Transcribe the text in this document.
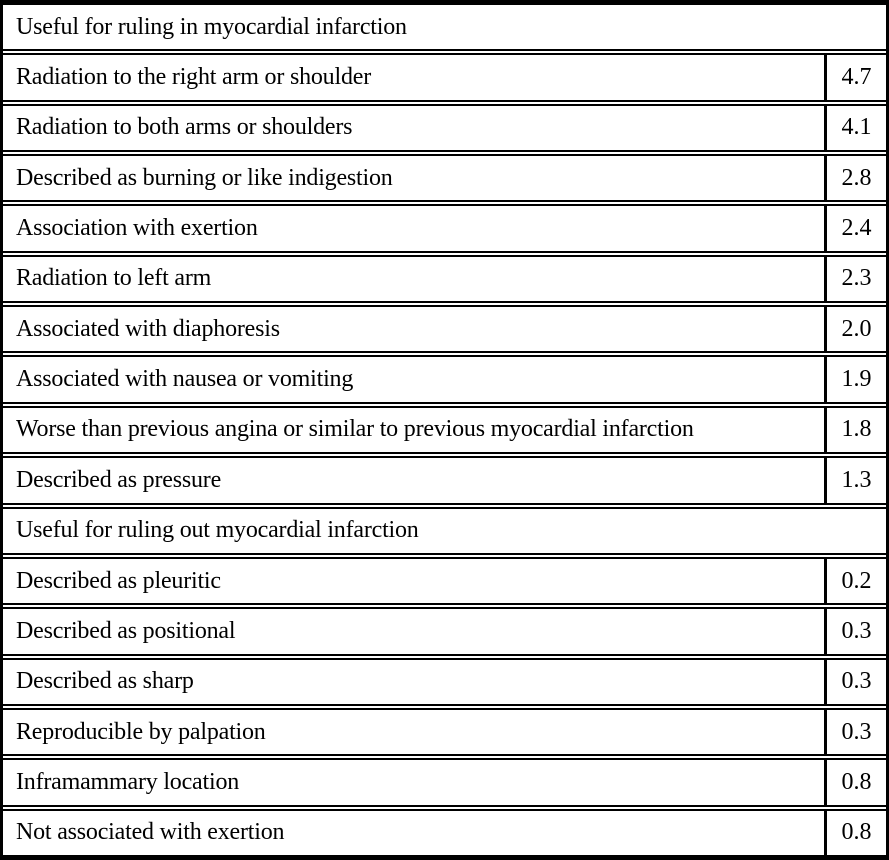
Useful for ruling in myocardial infarction
Radiation to the right arm or shoulder	4.7
Radiation to both arms or shoulders	4.1
Described as burning or like indigestion	2.8
Association with exertion	2.4
Radiation to left arm	2.3
Associated with diaphoresis	2.0
Associated with nausea or vomiting	1.9
Worse than previous angina or similar to previous myocardial infarction	1.8
Described as pressure	1.3
Useful for ruling out myocardial infarction
Described as pleuritic	0.2
Described as positional	0.3
Described as sharp	0.3
Reproducible by palpation	0.3
Inframammary location	0.8
Not associated with exertion	0.8
